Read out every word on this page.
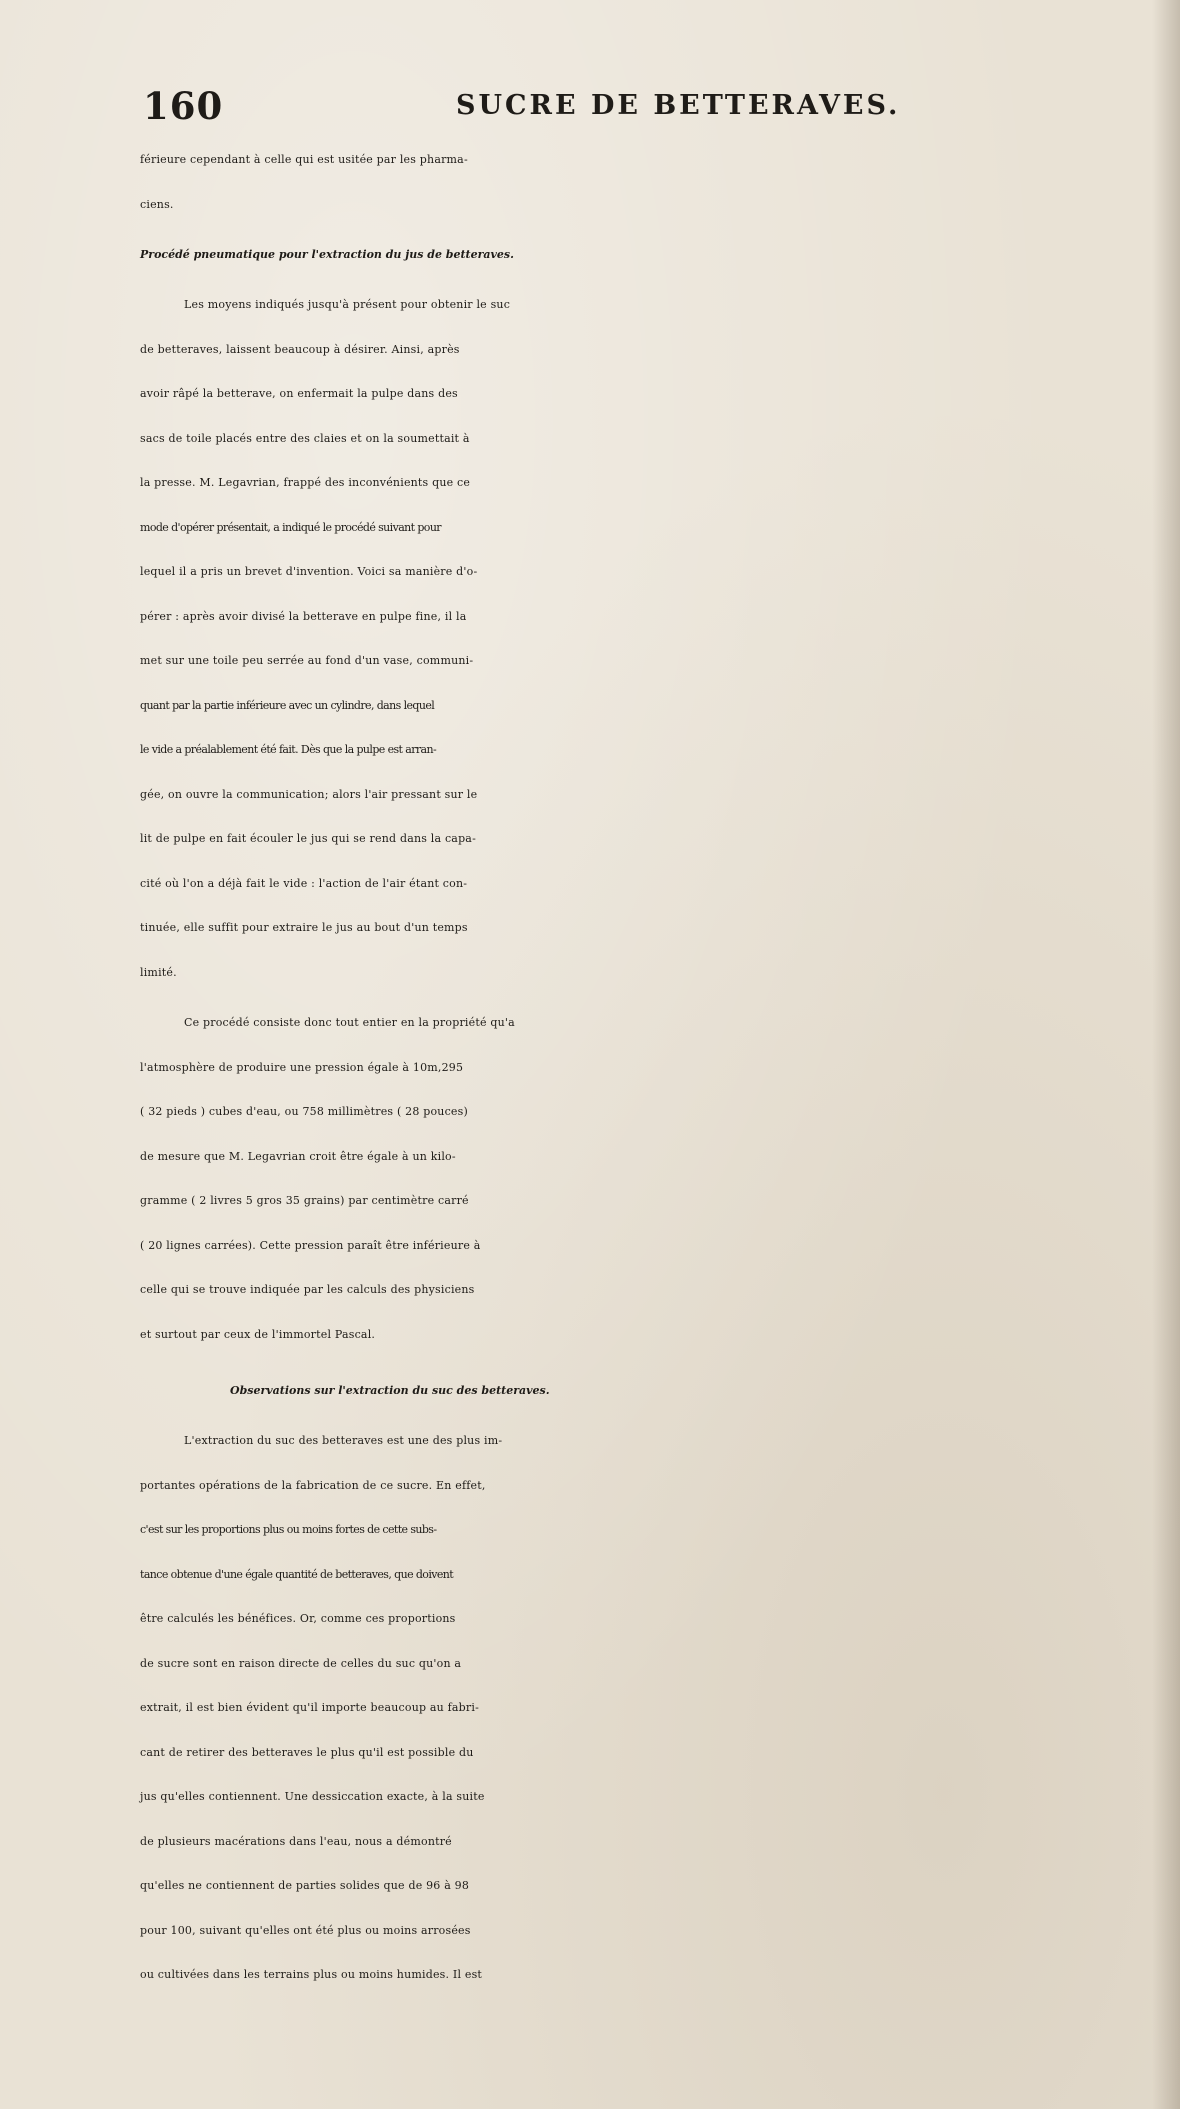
160	SUCRE DE BETTERAVES.
férieure cependant à celle qui est usitée par les pharma-
ciens.
Procédé pneumatique pour l'extraction du jus de betteraves.
Les moyens indiqués jusqu'à présent pour obtenir le suc
de betteraves, laissent beaucoup à désirer. Ainsi, après
avoir râpé la betterave, on enfermait la pulpe dans des
sacs de toile placés entre des claies et on la soumettait à
la presse. M. Legavrian, frappé des inconvénients que ce
mode d'opérer présentait, a indiqué le procédé suivant pour
lequel il a pris un brevet d'invention. Voici sa manière d'o-
pérer : après avoir divisé la betterave en pulpe fine, il la
met sur une toile peu serrée au fond d'un vase, communi-
quant par la partie inférieure avec un cylindre, dans lequel
le vide a préalablement été fait. Dès que la pulpe est arran-
gée, on ouvre la communication; alors l'air pressant sur le
lit de pulpe en fait écouler le jus qui se rend dans la capa-
cité où l'on a déjà fait le vide : l'action de l'air étant con-
tinuée, elle suffit pour extraire le jus au bout d'un temps
limité.
Ce procédé consiste donc tout entier en la propriété qu'a
l'atmosphère de produire une pression égale à 10m,295
( 32 pieds ) cubes d'eau, ou 758 millimètres ( 28 pouces)
de mesure que M. Legavrian croit être égale à un kilo-
gramme ( 2 livres 5 gros 35 grains) par centimètre carré
( 20 lignes carrées). Cette pression paraît être inférieure à
celle qui se trouve indiquée par les calculs des physiciens
et surtout par ceux de l'immortel Pascal.
Observations sur l'extraction du suc des betteraves.
L'extraction du suc des betteraves est une des plus im-
portantes opérations de la fabrication de ce sucre. En effet,
c'est sur les proportions plus ou moins fortes de cette subs-
tance obtenue d'une égale quantité de betteraves, que doivent
être calculés les bénéfices. Or, comme ces proportions
de sucre sont en raison directe de celles du suc qu'on a
extrait, il est bien évident qu'il importe beaucoup au fabri-
cant de retirer des betteraves le plus qu'il est possible du
jus qu'elles contiennent. Une dessiccation exacte, à la suite
de plusieurs macérations dans l'eau, nous a démontré
qu'elles ne contiennent de parties solides que de 96 à 98
pour 100, suivant qu'elles ont été plus ou moins arrosées
ou cultivées dans les terrains plus ou moins humides. Il est
